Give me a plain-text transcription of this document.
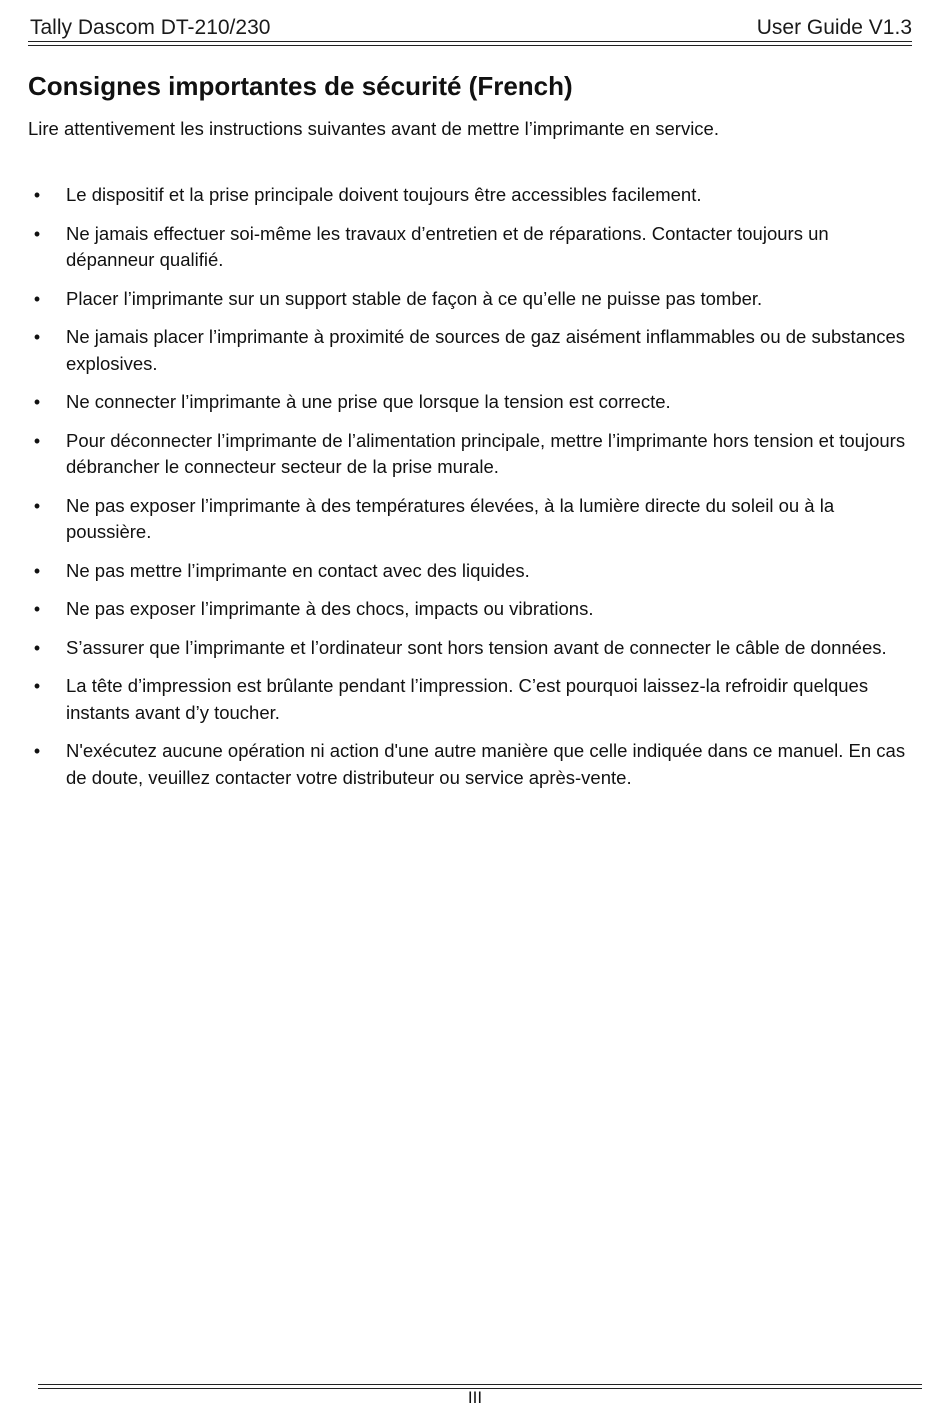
Tally Dascom DT-210/230	User Guide V1.3
Consignes importantes de sécurité (French)

Lire attentivement les instructions suivantes avant de mettre l’imprimante en service.

• Le dispositif et la prise principale doivent toujours être accessibles facilement.
• Ne jamais effectuer soi-même les travaux d’entretien et de réparations. Contacter toujours un dépanneur qualifié.
• Placer l’imprimante sur un support stable de façon à ce qu’elle ne puisse pas tomber.
• Ne jamais placer l’imprimante à proximité de sources de gaz aisément inflammables ou de substances explosives.
• Ne connecter l’imprimante à une prise que lorsque la tension est correcte.
• Pour déconnecter l’imprimante de l’alimentation principale, mettre l’imprimante hors tension et toujours débrancher le connecteur secteur de la prise murale.
• Ne pas exposer l’imprimante à des températures élevées, à la lumière directe du soleil ou à la poussière.
• Ne pas mettre l’imprimante en contact avec des liquides.
• Ne pas exposer l’imprimante à des chocs, impacts ou vibrations.
• S’assurer que l’imprimante et l’ordinateur sont hors tension avant de connecter le câble de données.
• La tête d’impression est brûlante pendant l’impression. C’est pourquoi laissez-la refroidir quelques instants avant d’y toucher.
• N'exécutez aucune opération ni action d'une autre manière que celle indiquée dans ce manuel. En cas de doute, veuillez contacter votre distributeur ou service après-vente.
III
